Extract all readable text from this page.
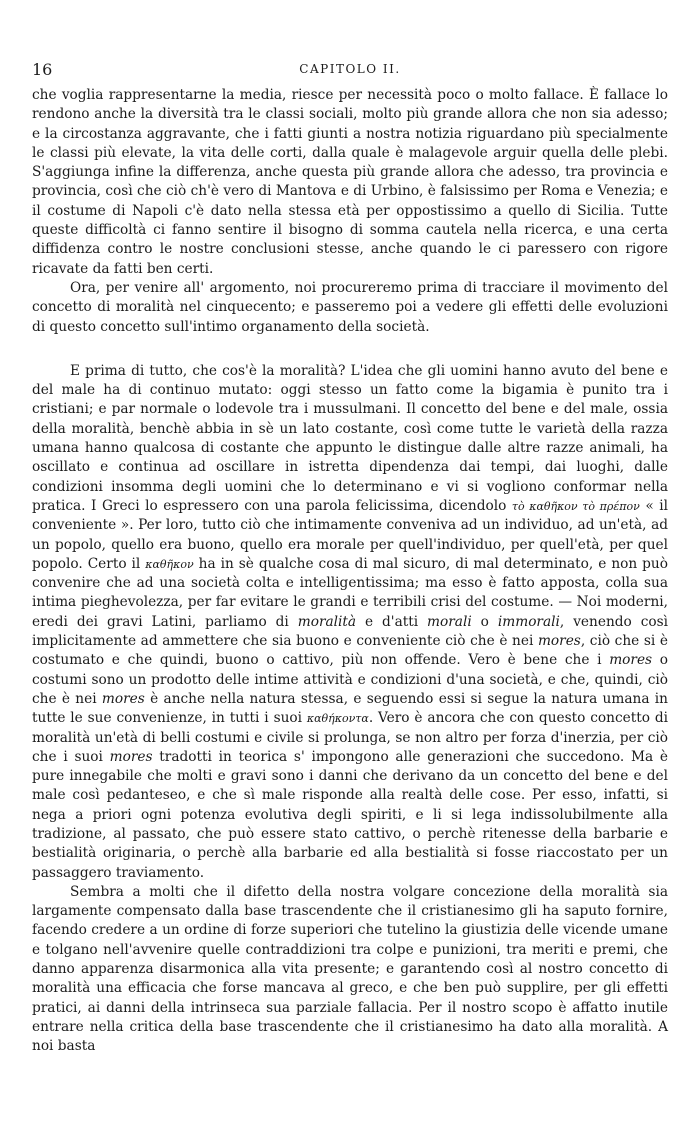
16	CAPITOLO II.

che voglia rappresentarne la media, riesce per necessità poco o molto fallace. È fallace lo rendono anche la diversità tra le classi sociali, molto più grande allora che non sia adesso; e la circostanza aggravante, che i fatti giunti a nostra notizia riguardano più specialmente le classi più elevate, la vita delle corti, dalla quale è malagevole arguir quella delle plebi. S'aggiunga infine la differenza, anche questa più grande allora che adesso, tra provincia e provincia, così che ciò ch'è vero di Mantova e di Urbino, è falsissimo per Roma e Venezia; e il costume di Napoli c'è dato nella stessa età per oppostissimo a quello di Sicilia. Tutte queste difficoltà ci fanno sentire il bisogno di somma cautela nella ricerca, e una certa diffidenza contro le nostre conclusioni stesse, anche quando le ci paressero con rigore ricavate da fatti ben certi.

Ora, per venire all' argomento, noi procureremo prima di tracciare il movimento del concetto di moralità nel cinquecento; e passeremo poi a vedere gli effetti delle evoluzioni di questo concetto sull'intimo organamento della società.

E prima di tutto, che cos'è la moralità? L'idea che gli uomini hanno avuto del bene e del male ha di continuo mutato: oggi stesso un fatto come la bigamia è punito tra i cristiani; e par normale o lodevole tra i mussulmani. Il concetto del bene e del male, ossia della moralità, benchè abbia in sè un lato costante, così come tutte le varietà della razza umana hanno qualcosa di costante che appunto le distingue dalle altre razze animali, ha oscillato e continua ad oscillare in istretta dipendenza dai tempi, dai luoghi, dalle condizioni insomma degli uomini che lo determinano e vi si vogliono conformar nella pratica. I Greci lo espressero con una parola felicissima, dicendolo τὸ καθῆκον τὸ πρέπον « il conveniente ». Per loro, tutto ciò che intimamente conveniva ad un individuo, ad un'età, ad un popolo, quello era buono, quello era morale per quell'individuo, per quell'età, per quel popolo. Certo il καθῆκον ha in sè qualche cosa di mal sicuro, di mal determinato, e non può convenire che ad una società colta e intelligentissima; ma esso è fatto apposta, colla sua intima pieghevolezza, per far evitare le grandi e terribili crisi del costume. — Noi moderni, eredi dei gravi Latini, parliamo di moralità e d'atti morali o immorali, venendo così implicitamente ad ammettere che sia buono e conveniente ciò che è nei mores, ciò che si è costumato e che quindi, buono o cattivo, più non offende. Vero è bene che i mores o costumi sono un prodotto delle intime attività e condizioni d'una società, e che, quindi, ciò che è nei mores è anche nella natura stessa, e seguendo essi si segue la natura umana in tutte le sue convenienze, in tutti i suoi καθήκοντα. Vero è ancora che con questo concetto di moralità un'età di belli costumi e civile si prolunga, se non altro per forza d'inerzia, per ciò che i suoi mores tradotti in teorica s' impongono alle generazioni che succedono. Ma è pure innegabile che molti e gravi sono i danni che derivano da un concetto del bene e del male così pedanteseo, e che sì male risponde alla realtà delle cose. Per esso, infatti, si nega a priori ogni potenza evolutiva degli spiriti, e li si lega indissolubilmente alla tradizione, al passato, che può essere stato cattivo, o perchè ritenesse della barbarie e bestialità originaria, o perchè alla barbarie ed alla bestialità si fosse riaccostato per un passaggero traviamento.

Sembra a molti che il difetto della nostra volgare concezione della moralità sia largamente compensato dalla base trascendente che il cristianesimo gli ha saputo fornire, facendo credere a un ordine di forze superiori che tutelino la giustizia delle vicende umane e tolgano nell'avvenire quelle contraddizioni tra colpe e punizioni, tra meriti e premi, che danno apparenza disarmonica alla vita presente; e garantendo così al nostro concetto di moralità una efficacia che forse mancava al greco, e che ben può supplire, per gli effetti pratici, ai danni della intrinseca sua parziale fallacia. Per il nostro scopo è affatto inutile entrare nella critica della base trascendente che il cristianesimo ha dato alla moralità. A noi basta
